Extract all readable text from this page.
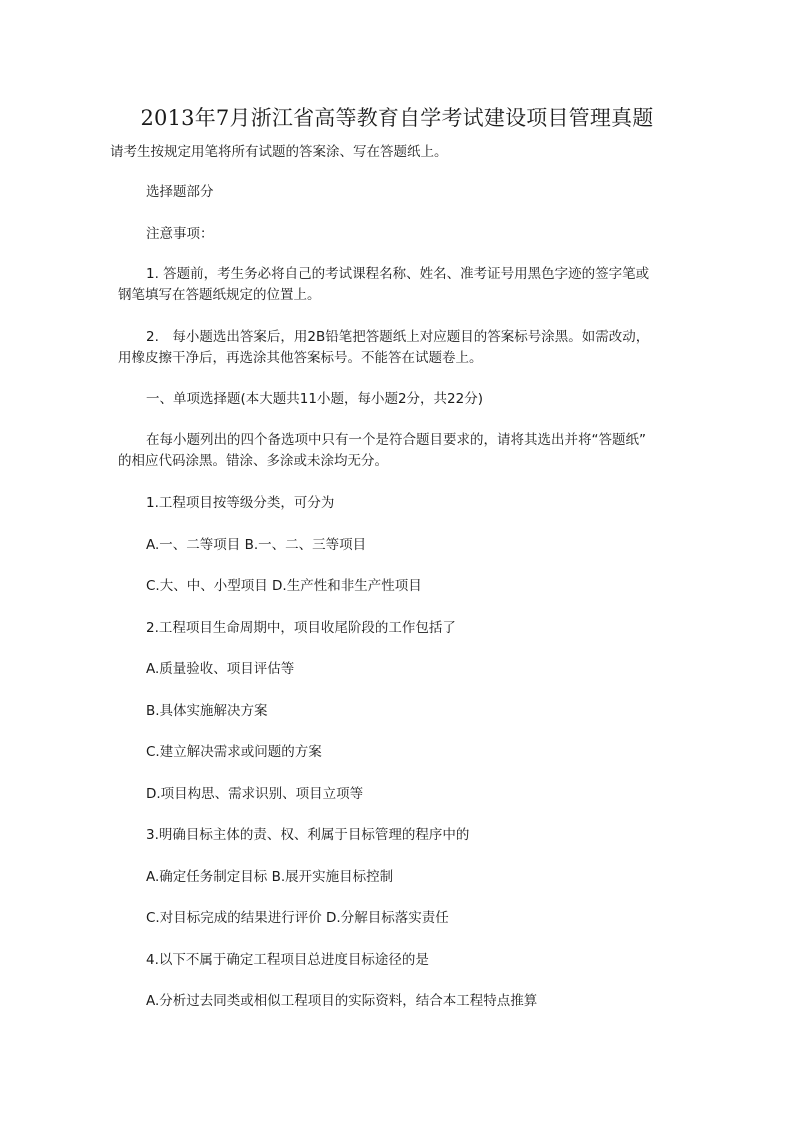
2013年7月浙江省高等教育自学考试建设项目管理真题
请考生按规定用笔将所有试题的答案涂、写在答题纸上。
选择题部分
注意事项：
1. 答题前，考生务必将自己的考试课程名称、姓名、准考证号用黑色字迹的签字笔或
钢笔填写在答题纸规定的位置上。
2.　每小题选出答案后，用2B铅笔把答题纸上对应题目的答案标号涂黑。如需改动，
用橡皮擦干净后，再选涂其他答案标号。不能答在试题卷上。
一、单项选择题(本大题共11小题，每小题2分，共22分)
在每小题列出的四个备选项中只有一个是符合题目要求的，请将其选出并将“答题纸”
的相应代码涂黑。错涂、多涂或未涂均无分。
1.工程项目按等级分类，可分为
A.一、二等项目 B.一、二、三等项目
C.大、中、小型项目 D.生产性和非生产性项目
2.工程项目生命周期中，项目收尾阶段的工作包括了
A.质量验收、项目评估等
B.具体实施解决方案
C.建立解决需求或问题的方案
D.项目构思、需求识别、项目立项等
3.明确目标主体的责、权、利属于目标管理的程序中的
A.确定任务制定目标 B.展开实施目标控制
C.对目标完成的结果进行评价 D.分解目标落实责任
4.以下不属于确定工程项目总进度目标途径的是
A.分析过去同类或相似工程项目的实际资料，结合本工程特点推算
